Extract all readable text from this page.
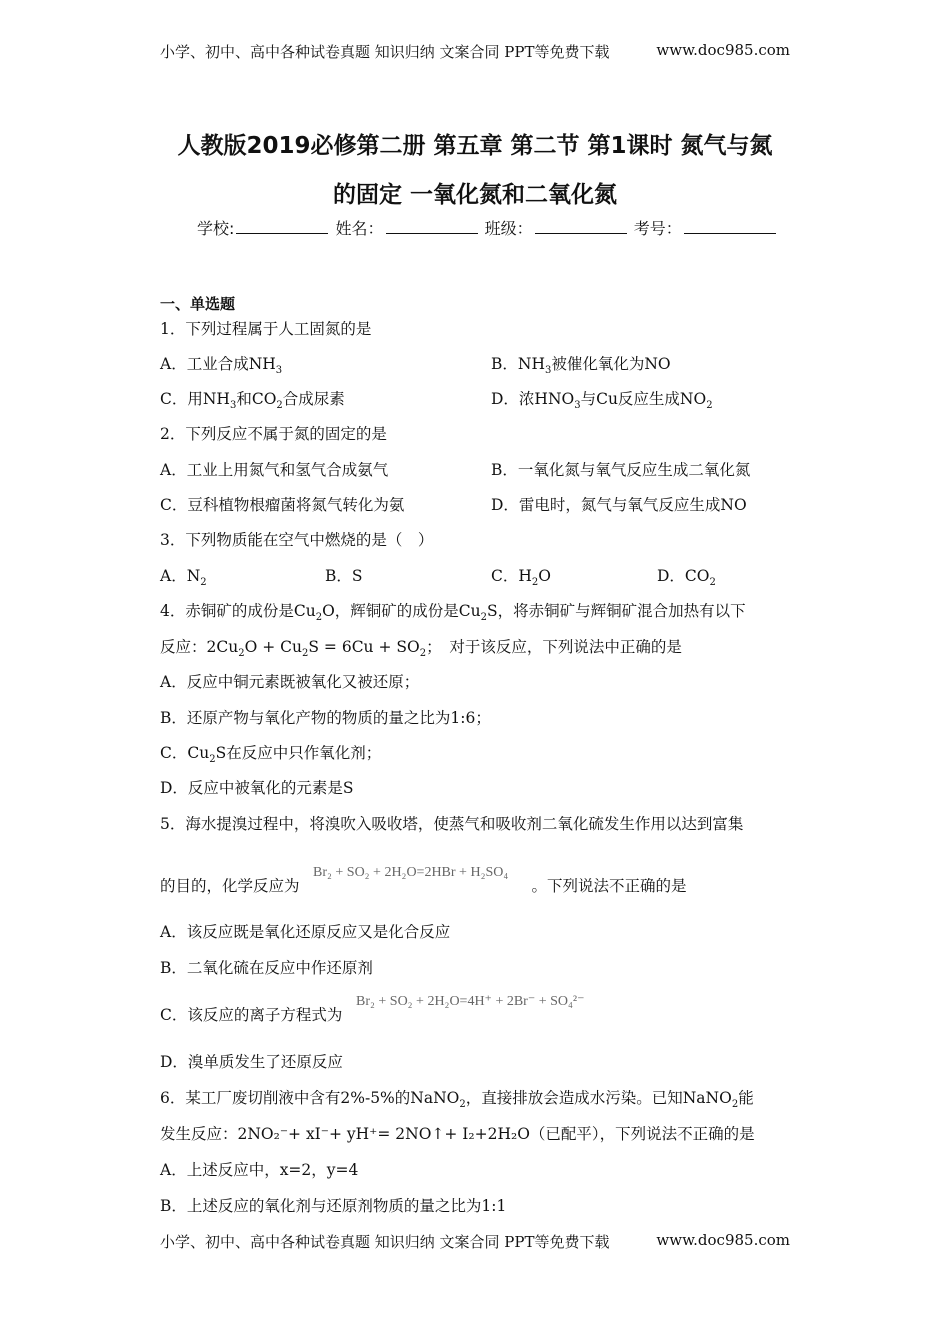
小学、初中、高中各种试卷真题 知识归纳 文案合同 PPT等免费下载	www.doc985.com
人教版2019必修第二册 第五章 第二节 第1课时 氮气与氮
的固定 一氧化氮和二氧化氮
学校:	姓名：	班级：	考号：
一、单选题
1．下列过程属于人工固氮的是
A．工业合成$NH_3$	B．$NH_3$被催化氧化为NO
C．用$NH_3$和$CO_2$合成尿素	D．浓$HNO_3$与Cu反应生成$NO_2$
2．下列反应不属于氮的固定的是
A．工业上用氮气和氢气合成氨气	B．一氧化氮与氧气反应生成二氧化氮
C．豆科植物根瘤菌将氮气转化为氨	D．雷电时，氮气与氧气反应生成NO
3．下列物质能在空气中燃烧的是（　）
A．$N_2$	B．S	C．$H_2O$	D．$CO_2$
4．赤铜矿的成份是$Cu_2O$，辉铜矿的成份是$Cu_2S$，将赤铜矿与辉铜矿混合加热有以下
反应：$2Cu_2O + Cu_2S = 6Cu + SO_2$；　对于该反应，下列说法中正确的是
A．反应中铜元素既被氧化又被还原；
B．还原产物与氧化产物的物质的量之比为1:6；
C．$Cu_2S$在反应中只作氧化剂；
D．反应中被氧化的元素是S
5．海水提溴过程中，将溴吹入吸收塔，使蒸气和吸收剂二氧化硫发生作用以达到富集
Br₂ + SO₂ + 2H₂O=2HBr + H₂SO₄
的目的，化学反应为	。下列说法不正确的是
A．该反应既是氧化还原反应又是化合反应
B．二氧化硫在反应中作还原剂
C．该反应的离子方程式为
Br₂ + SO₂ + 2H₂O=4H⁺ + 2Br⁻ + SO₄²⁻
D．溴单质发生了还原反应
6．某工厂废切削液中含有2%-5%的NaNO$_2$，直接排放会造成水污染。已知NaNO$_2$能
发生反应：2NO₂⁻+ xI⁻+ yH⁺= 2NO↑+ I₂+2H₂O（已配平），下列说法不正确的是
A．上述反应中，x=2，y=4
B．上述反应的氧化剂与还原剂物质的量之比为1:1
小学、初中、高中各种试卷真题 知识归纳 文案合同 PPT等免费下载	www.doc985.com
